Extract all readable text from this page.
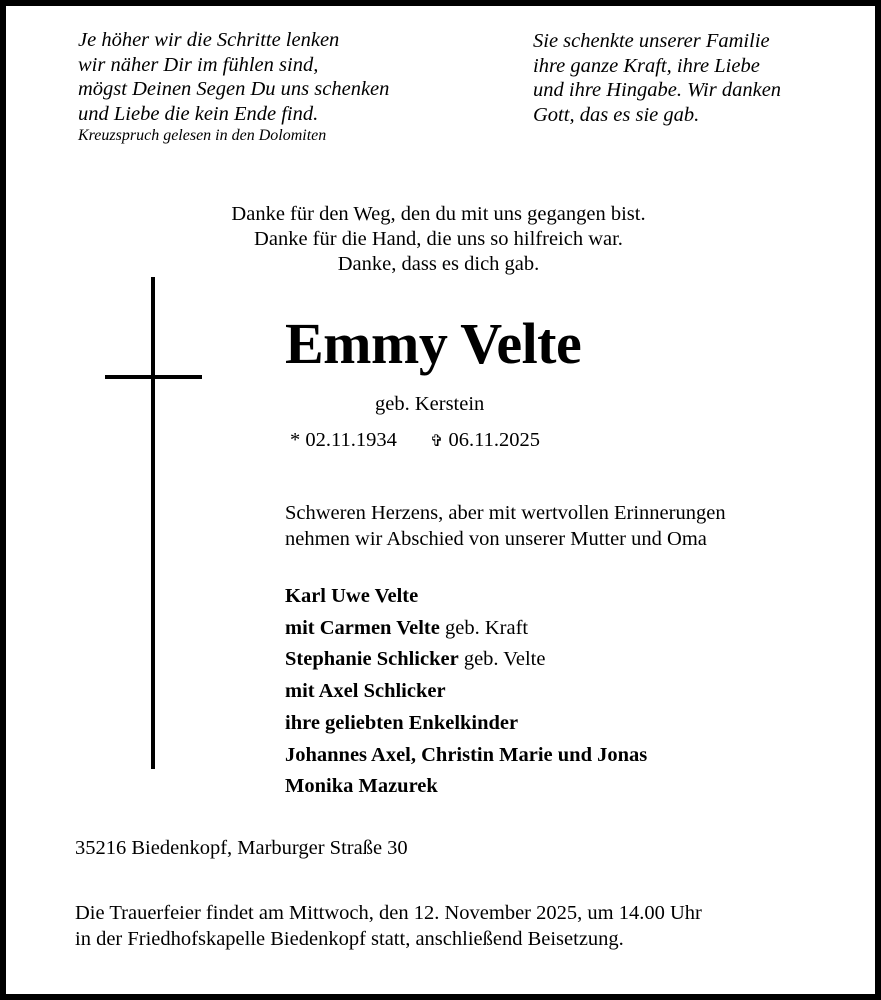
Je höher wir die Schritte lenken
wir näher Dir im fühlen sind,
mögst Deinen Segen Du uns schenken
und Liebe die kein Ende find.
Kreuzspruch gelesen in den Dolomiten
Sie schenkte unserer Familie
ihre ganze Kraft, ihre Liebe
und ihre Hingabe. Wir danken
Gott, das es sie gab.
Danke für den Weg, den du mit uns gegangen bist.
Danke für die Hand, die uns so hilfreich war.
Danke, dass es dich gab.
Emmy Velte
geb. Kerstein
* 02.11.1934 ✞ 06.11.2025
Schweren Herzens, aber mit wertvollen Erinnerungen
nehmen wir Abschied von unserer Mutter und Oma
Karl Uwe Velte
mit Carmen Velte geb. Kraft
Stephanie Schlicker geb. Velte
mit Axel Schlicker
ihre geliebten Enkelkinder
Johannes Axel, Christin Marie und Jonas
Monika Mazurek
35216 Biedenkopf, Marburger Straße 30
Die Trauerfeier findet am Mittwoch, den 12. November 2025, um 14.00 Uhr
in der Friedhofskapelle Biedenkopf statt, anschließend Beisetzung.
